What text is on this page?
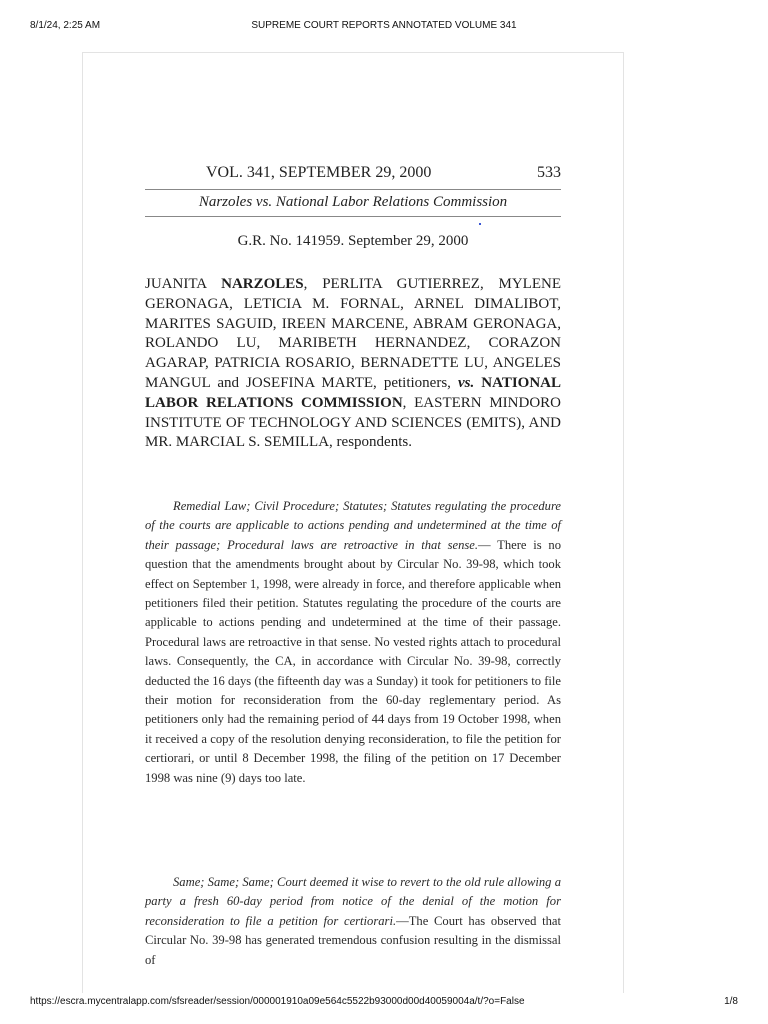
8/1/24, 2:25 AM	SUPREME COURT REPORTS ANNOTATED VOLUME 341
VOL. 341, SEPTEMBER 29, 2000	533
Narzoles vs. National Labor Relations Commission
G.R. No. 141959. September 29, 2000
JUANITA NARZOLES, PERLITA GUTIERREZ, MYLENE GERONAGA, LETICIA M. FORNAL, ARNEL DIMALIBOT, MARITES SAGUID, IREEN MARCENE, ABRAM GERONAGA, ROLANDO LU, MARIBETH HERNANDEZ, CORAZON AGARAP, PATRICIA ROSARIO, BERNADETTE LU, ANGELES MANGUL and JOSEFINA MARTE, petitioners, vs. NATIONAL LABOR RELATIONS COMMISSION, EASTERN MINDORO INSTITUTE OF TECHNOLOGY AND SCIENCES (EMITS), AND MR. MARCIAL S. SEMILLA, respondents.

Remedial Law; Civil Procedure; Statutes; Statutes regulating the procedure of the courts are applicable to actions pending and undetermined at the time of their passage; Procedural laws are retroactive in that sense.— There is no question that the amendments brought about by Circular No. 39-98, which took effect on September 1, 1998, were already in force, and therefore applicable when petitioners filed their petition. Statutes regulating the procedure of the courts are applicable to actions pending and undetermined at the time of their passage. Procedural laws are retroactive in that sense. No vested rights attach to procedural laws. Consequently, the CA, in accordance with Circular No. 39-98, correctly deducted the 16 days (the fifteenth day was a Sunday) it took for petitioners to file their motion for reconsideration from the 60-day reglementary period. As petitioners only had the remaining period of 44 days from 19 October 1998, when it received a copy of the resolution denying reconsideration, to file the petition for certiorari, or until 8 December 1998, the filing of the petition on 17 December 1998 was nine (9) days too late.

Same; Same; Same; Court deemed it wise to revert to the old rule allowing a party a fresh 60-day period from notice of the denial of the motion for reconsideration to file a petition for certiorari.—The Court has observed that Circular No. 39-98 has generated tremendous confusion resulting in the dismissal of

https://escra.mycentralapp.com/sfsreader/session/000001910a09e564c5522b93000d00d40059004a/t/?o=False	1/8
